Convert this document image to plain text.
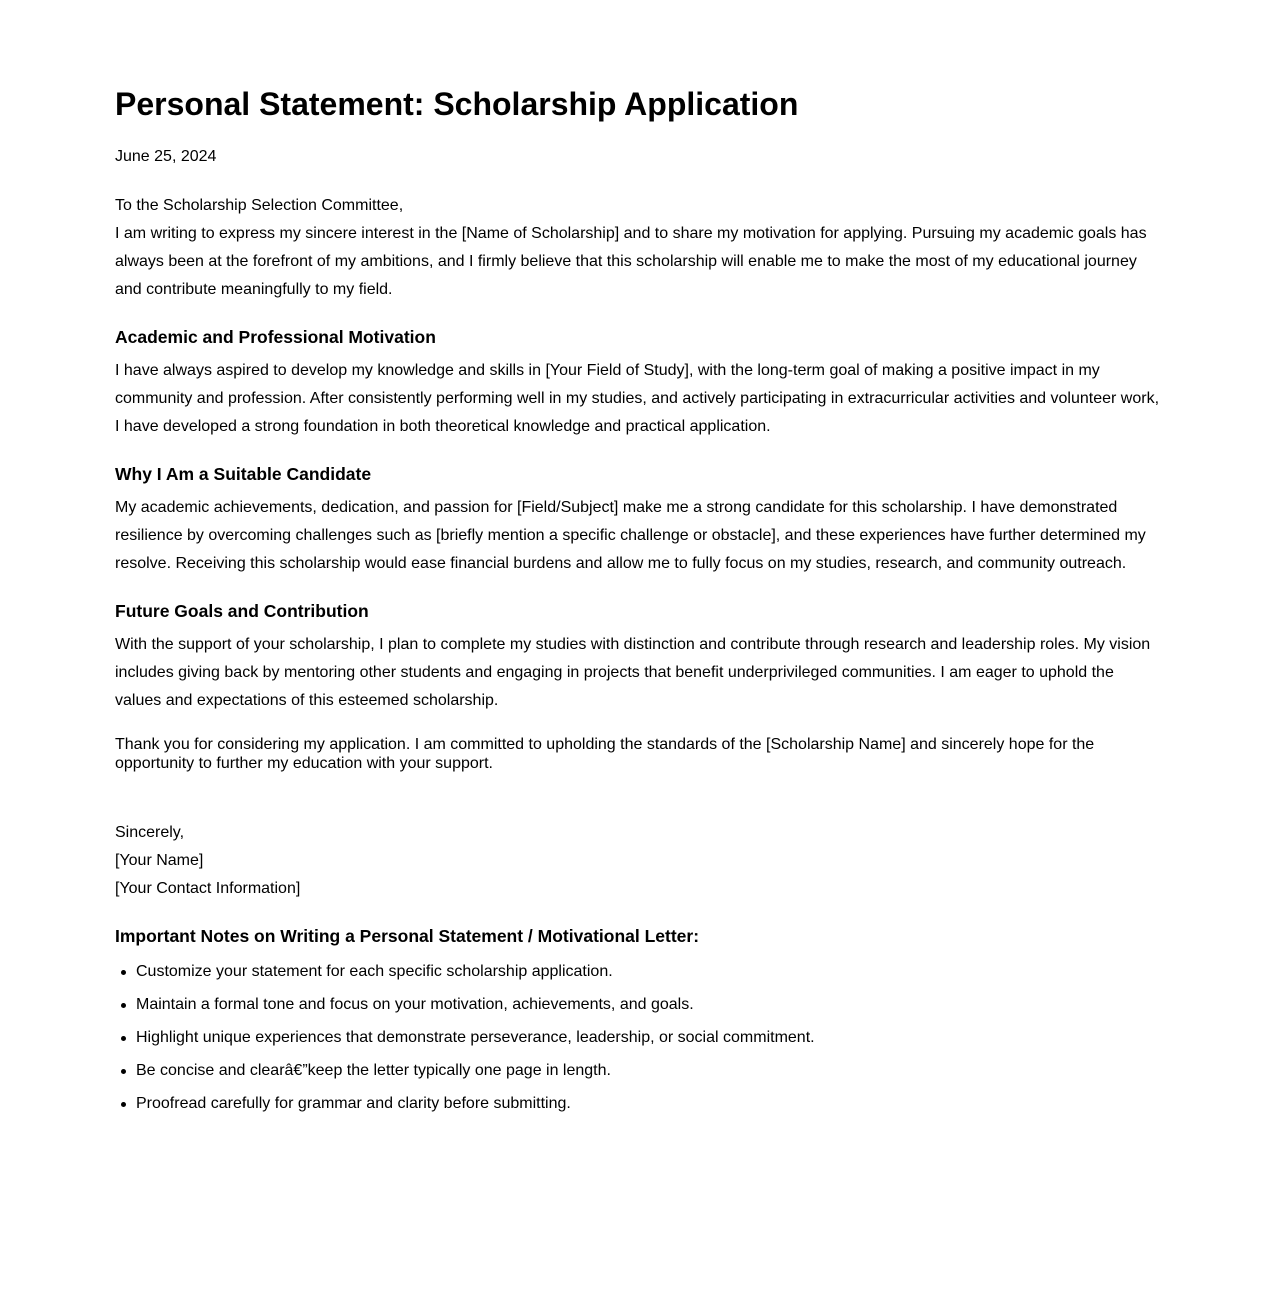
Personal Statement: Scholarship Application

June 25, 2024

To the Scholarship Selection Committee,
I am writing to express my sincere interest in the [Name of Scholarship] and to share my motivation for applying. Pursuing my academic goals has always been at the forefront of my ambitions, and I firmly believe that this scholarship will enable me to make the most of my educational journey and contribute meaningfully to my field.

Academic and Professional Motivation

I have always aspired to develop my knowledge and skills in [Your Field of Study], with the long-term goal of making a positive impact in my community and profession. After consistently performing well in my studies, and actively participating in extracurricular activities and volunteer work, I have developed a strong foundation in both theoretical knowledge and practical application.

Why I Am a Suitable Candidate

My academic achievements, dedication, and passion for [Field/Subject] make me a strong candidate for this scholarship. I have demonstrated resilience by overcoming challenges such as [briefly mention a specific challenge or obstacle], and these experiences have further determined my resolve. Receiving this scholarship would ease financial burdens and allow me to fully focus on my studies, research, and community outreach.

Future Goals and Contribution

With the support of your scholarship, I plan to complete my studies with distinction and contribute through research and leadership roles. My vision includes giving back by mentoring other students and engaging in projects that benefit underprivileged communities. I am eager to uphold the values and expectations of this esteemed scholarship.

Thank you for considering my application. I am committed to upholding the standards of the [Scholarship Name] and sincerely hope for the opportunity to further my education with your support.

Sincerely,

[Your Name]

[Your Contact Information]

Important Notes on Writing a Personal Statement / Motivational Letter:
Customize your statement for each specific scholarship application.
Maintain a formal tone and focus on your motivation, achievements, and goals.
Highlight unique experiences that demonstrate perseverance, leadership, or social commitment.
Be concise and clearâ€”keep the letter typically one page in length.
Proofread carefully for grammar and clarity before submitting.
